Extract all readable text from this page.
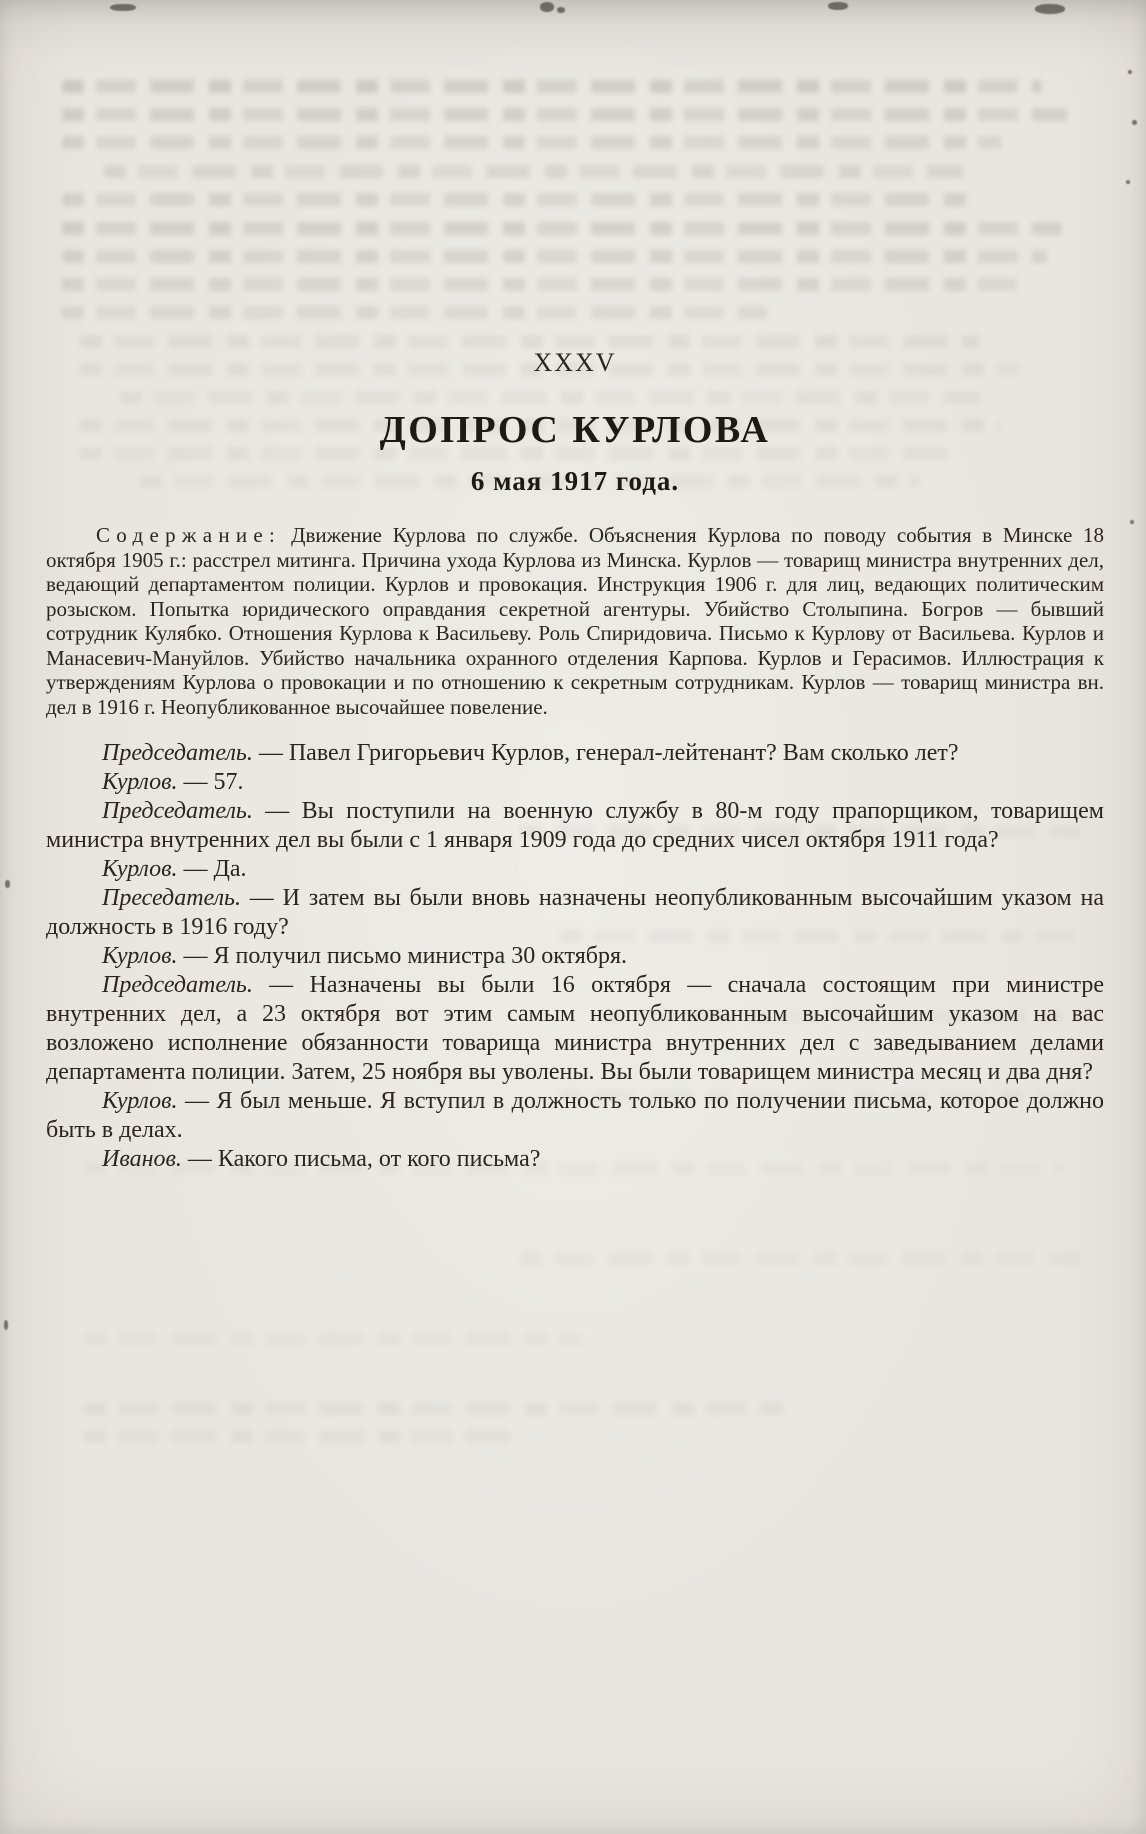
XXXV
ДОПРОС КУРЛОВА
6 мая 1917 года.

Содержание: Движение Курлова по службе. Объяснения Курлова по поводу события в Минске 18 октября 1905 г.: расстрел митинга. Причина ухода Курлова из Минска. Курлов — товарищ министра внутренних дел, ведающий департаментом полиции. Курлов и провокация. Инструкция 1906 г. для лиц, ведающих политическим розыском. Попытка юридического оправдания секретной агентуры. Убийство Столыпина. Богров — бывший сотрудник Кулябко. Отношения Курлова к Васильеву. Роль Спиридовича. Письмо к Курлову от Васильева. Курлов и Манасевич-Мануйлов. Убийство начальника охранного отделения Карпова. Курлов и Герасимов. Иллюстрация к утверждениям Курлова о провокации и по отношению к секретным сотрудникам. Курлов — товарищ министра вн. дел в 1916 г. Неопубликованное высочайшее повеление.

Председатель. — Павел Григорьевич Курлов, генерал-лейтенант? Вам сколько лет?

Курлов. — 57.

Председатель. — Вы поступили на военную службу в 80-м году прапорщиком, товарищем министра внутренних дел вы были с 1 января 1909 года до средних чисел октября 1911 года?

Курлов. — Да.

Преседатель. — И затем вы были вновь назначены неопубликованным высочайшим указом на должность в 1916 году?

Курлов. — Я получил письмо министра 30 октября.

Председатель. — Назначены вы были 16 октября — сначала состоящим при министре внутренних дел, а 23 октября вот этим самым неопубликованным высочайшим указом на вас возложено исполнение обязанности товарища министра внутренних дел с заведыванием делами департамента полиции. Затем, 25 ноября вы уволены. Вы были товарищем министра месяц и два дня?

Курлов. — Я был меньше. Я вступил в должность только по получении письма, которое должно быть в делах.

Иванов. — Какого письма, от кого письма?
